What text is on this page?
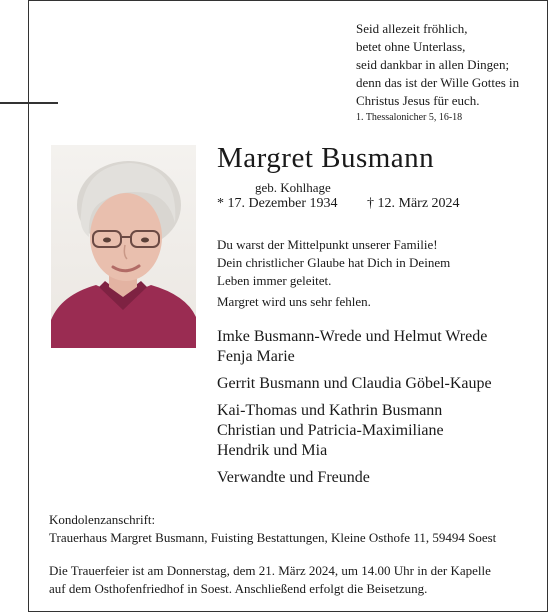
Seid allezeit fröhlich,
betet ohne Unterlass,
seid dankbar in allen Dingen;
denn das ist der Wille Gottes in
Christus Jesus für euch.
1. Thessalonicher 5, 16-18
Margret Busmann
geb. Kohlhage
* 17. Dezember 1934 † 12. März 2024
Du warst der Mittelpunkt unserer Familie!
Dein christlicher Glaube hat Dich in Deinem
Leben immer geleitet.
Margret wird uns sehr fehlen.
Imke Busmann-Wrede und Helmut Wrede
Fenja Marie
Gerrit Busmann und Claudia Göbel-Kaupe
Kai-Thomas und Kathrin Busmann
Christian und Patricia-Maximiliane
Hendrik und Mia
Verwandte und Freunde
Kondolenzanschrift:
Trauerhaus Margret Busmann, Fuisting Bestattungen, Kleine Osthofe 11, 59494 Soest
Die Trauerfeier ist am Donnerstag, dem 21. März 2024, um 14.00 Uhr in der Kapelle
auf dem Osthofenfriedhof in Soest. Anschließend erfolgt die Beisetzung.
